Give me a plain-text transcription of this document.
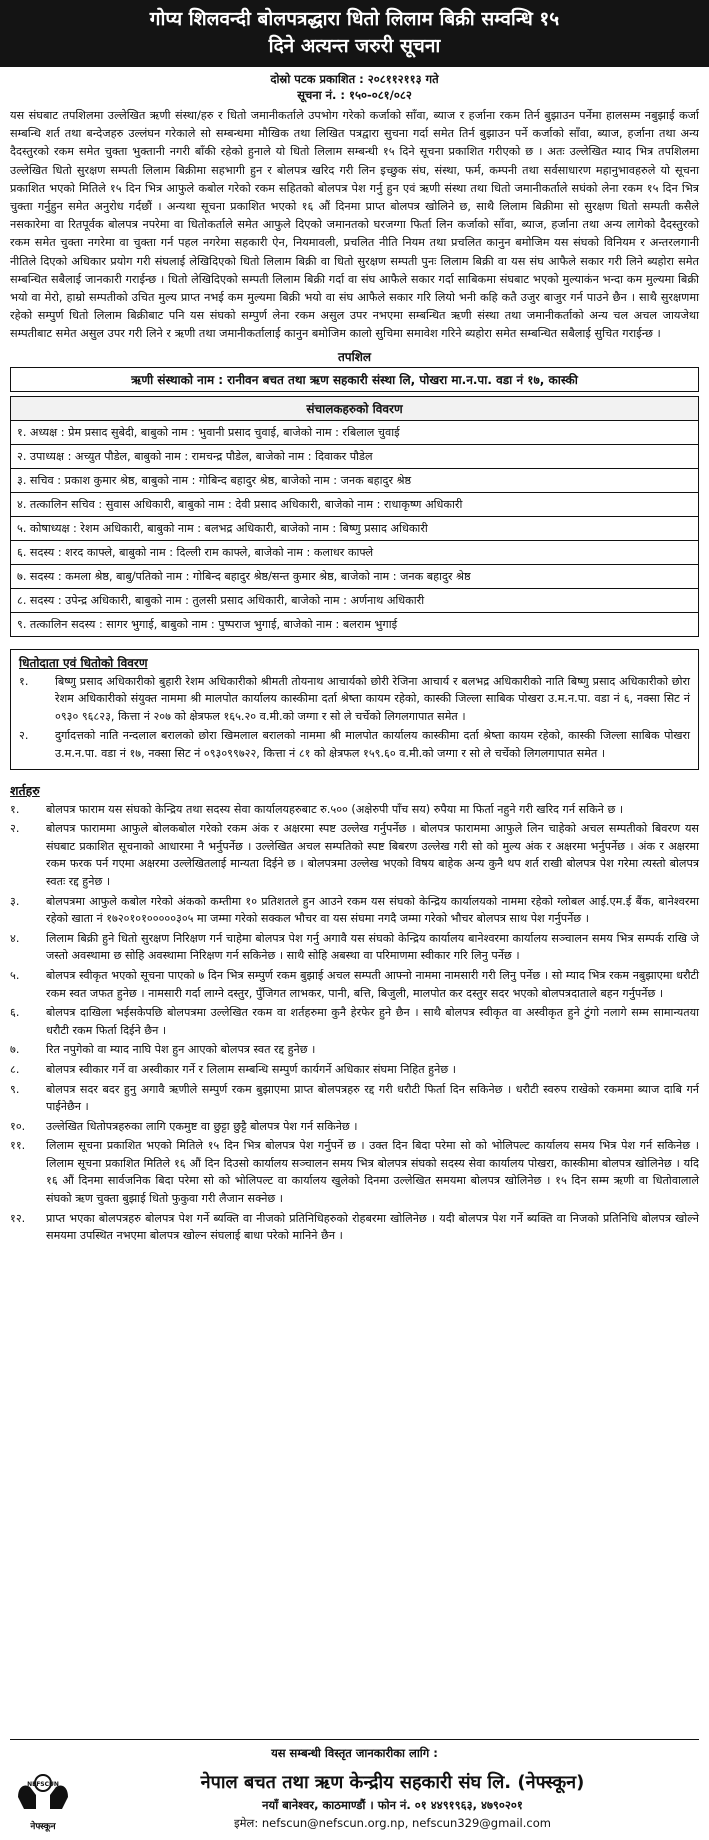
गोप्य शिलवन्दी बोलपत्रद्धारा धितो लिलाम बिक्री सम्वन्धि १५
दिने अत्यन्त जरुरी सूचना
दोस्रो पटक प्रकाशित : २०८११२११३ गते
सूचना नं. : १५०-०८१/०८२

यस संघबाट तपशिलमा उल्लेखित ऋणी संस्था/हरु र धितो जमानीकर्ताले उपभोग गरेको कर्जाको साँवा, ब्याज र हर्जाना रकम तिर्न बुझाउन पर्नेमा हालसम्म नबुझाई कर्जा सम्बन्धि शर्त तथा बन्देजहरु उल्लंघन गरेकाले सो सम्बन्धमा मौखिक तथा लिखित पत्रद्वारा सुचना गर्दा समेत तिर्न बुझाउन पर्ने कर्जाको साँवा, ब्याज, हर्जाना तथा अन्य दैदस्तुरको रकम समेत चुक्ता भुक्तानी नगरी बाँकी रहेको हुनाले यो धितो लिलाम सम्बन्धी १५ दिने सूचना प्रकाशित गरीएको छ । अतः उल्लेखित म्याद भित्र तपशिलमा उल्लेखित धितो सुरक्षण सम्पती लिलाम बिक्रीमा सहभागी हुन र बोलपत्र खरिद गरी लिन इच्छुक संघ, संस्था, फर्म, कम्पनी तथा सर्वसाधारण महानुभावहरुले यो सूचना प्रकाशित भएको मितिले १५ दिन भित्र आफुले कबोल गरेको रकम सहितको बोलपत्र पेश गर्नु हुन एवं ऋणी संस्था तथा धितो जमानीकर्ताले सघंको लेना रकम १५ दिन भित्र चुक्ता गर्नुहुन समेत अनुरोध गर्दछौं । अन्यथा सूचना प्रकाशित भएको १६ औं दिनमा प्राप्त बोलपत्र खोलिने छ, साथै लिलाम बिक्रीमा सो सुरक्षण धितो सम्पती कसैले नसकारेमा वा रितपूर्वक बोलपत्र नपरेमा वा धितोकर्ताले समेत आफुले दिएको जमानतको घरजग्गा फिर्ता लिन कर्जाको साँवा, ब्याज, हर्जाना तथा अन्य लागेको दैदस्तुरको रकम समेत चुक्ता नगरेमा वा चुक्ता गर्न पहल नगरेमा सहकारी ऐन, नियमावली, प्रचलित नीति नियम तथा प्रचलित कानुन बमोजिम यस संघको विनियम र अन्तरलगानी नीतिले दिएको अधिकार प्रयोग गरी संघलाई लेखिदिएको धितो लिलाम बिक्री वा धितो सुरक्षण सम्पती पुनः लिलाम बिक्री वा यस संघ आफैले सकार गरी लिने ब्यहोरा समेत सम्बन्धित सबैलाई जानकारी गराईन्छ । धितो लेखिदिएको सम्पती लिलाम बिक्री गर्दा वा संघ आफैले सकार गर्दा साबिकमा संघबाट भएको मुल्याकंन भन्दा कम मुल्यमा बिक्री भयो वा मेरो, हाम्रो सम्पतीको उचित मुल्य प्राप्त नभई कम मुल्यमा बिक्री भयो वा संघ आफैले सकार गरि लियो भनी कहि कतै उजुर बाजुर गर्न पाउने छैन । साथै सुरक्षणमा रहेको सम्पुर्ण धितो लिलाम बिक्रीबाट पनि यस संघको सम्पुर्ण लेना रकम असुल उपर नभएमा सम्बन्धित ऋणी संस्था तथा जमानीकर्ताको अन्य चल अचल जायजेथा सम्पतीबाट समेत असुल उपर गरी लिने र ऋणी तथा जमानीकर्तालाई कानुन बमोजिम कालो सुचिमा समावेश गरिने ब्यहोरा समेत सम्बन्धित सबैलाई सुचित गराईन्छ ।

तपशिल
ऋणी संस्थाको नाम : रानीवन बचत तथा ऋण सहकारी संस्था लि, पोखरा मा.न.पा. वडा नं १७, कास्की
संचालकहरुको विवरण
१. अध्यक्ष : प्रेम प्रसाद सुबेदी, बाबुको नाम : भुवानी प्रसाद चुवाई, बाजेको नाम : रबिलाल चुवाई
२. उपाध्यक्ष : अच्युत पौडेल, बाबुको नाम : रामचन्द्र पौडेल, बाजेको नाम : दिवाकर पौडेल
३. सचिव : प्रकाश कुमार श्रेष्ठ, बाबुको नाम : गोबिन्द बहादुर श्रेष्ठ, बाजेको नाम : जनक बहादुर श्रेष्ठ
४. तत्कालिन सचिव : सुवास अधिकारी, बाबुको नाम : देवी प्रसाद अधिकारी, बाजेको नाम : राधाकृष्ण अधिकारी
५. कोषाध्यक्ष : रेशम अधिकारी, बाबुको नाम : बलभद्र अधिकारी, बाजेको नाम : बिष्णु प्रसाद अधिकारी
६. सदस्य : शरद काफ्ले, बाबुको नाम : दिल्ली राम काफ्ले, बाजेको नाम : कलाधर काफ्ले
७. सदस्य : कमला श्रेष्ठ, बाबु/पतिको नाम : गोबिन्द बहादुर श्रेष्ठ/सन्त कुमार श्रेष्ठ, बाजेको नाम : जनक बहादुर श्रेष्ठ
८. सदस्य : उपेन्द्र अधिकारी, बाबुको नाम : तुलसी प्रसाद अधिकारी, बाजेको नाम : अर्णनाथ अधिकारी
९. तत्कालिन सदस्य : सागर भुगाई, बाबुको नाम : पुष्पराज भुगाई, बाजेको नाम : बलराम भुगाई
धितोदाता एवं धितोको विवरण
१.	बिष्णु प्रसाद अधिकारीको बुहारी रेशम अधिकारीको श्रीमती तोयनाथ आचार्यको छोरी रेजिना आचार्य र बलभद्र अधिकारीको नाति बिष्णु प्रसाद अधिकारीको छोरा रेशम अधिकारीको संयुक्त नाममा श्री मालपोत कार्यालय कास्कीमा दर्ता श्रेष्ता कायम रहेको, कास्की जिल्ला साबिक पोखरा उ.म.न.पा. वडा नं ६, नक्सा सिट नं ०९३० ९६८२३, कित्ता नं २०७ को क्षेत्रफल १६५.२० व.मी.को जग्गा र सो ले चर्चेको लिगलगापात समेत ।
२.	दुर्गादत्तको नाति नन्दलाल बरालको छोरा खिमलाल बरालको नाममा श्री मालपोत कार्यालय कास्कीमा दर्ता श्रेष्ता कायम रहेको, कास्की जिल्ला साबिक पोखरा उ.म.न.पा. वडा नं १७, नक्सा सिट नं ०९३०९९७२२, कित्ता नं ८१ को क्षेत्रफल १५९.६० व.मी.को जग्गा र सो ले चर्चेको लिगलगापात समेत ।
शर्तहरु
१.	बोलपत्र फाराम यस संघको केन्द्रिय तथा सदस्य सेवा कार्यालयहरुबाट रु.५०० (अक्षेरुपी पाँच सय) रुपैया मा फिर्ता नहुने गरी खरिद गर्न सकिने छ ।
२.	बोलपत्र फाराममा आफुले बोलकबोल गरेको रकम अंक र अक्षरमा स्पष्ट उल्लेख गर्नुपर्नेछ । बोलपत्र फाराममा आफुले लिन चाहेको अचल सम्पतीको बिवरण यस संघबाट प्रकाशित सूचनाको आधारमा नै भर्नुपर्नेछ । उल्लेखित अचल सम्पतिको स्पष्ट बिबरण उल्लेख गरी सो को मुल्य अंक र अक्षरमा भर्नुपर्नेछ । अंक र अक्षरमा रकम फरक पर्न गएमा अक्षरमा उल्लेखितलाई मान्यता दिईने छ । बोलपत्रमा उल्लेख भएको विषय बाहेक अन्य कुनै थप शर्त राखी बोलपत्र पेश गरेमा त्यस्तो बोलपत्र स्वतः रद्द हुनेछ ।
३.	बोलपत्रमा आफुले कबोल गरेको अंकको कम्तीमा १० प्रतिशतले हुन आउने रकम यस संघको केन्द्रिय कार्यालयको नाममा रहेको ग्लोबल आई.एम.ई बैंक, बानेश्वरमा रहेको खाता नं १७२०१०१०००००३०५ मा जम्मा गरेको सक्कल भौचर वा यस संघमा नगदै जम्मा गरेको भौचर बोलपत्र साथ पेश गर्नुपर्नेछ ।
४.	लिलाम बिक्री हुने धितो सुरक्षण निरिक्षण गर्न चाहेमा बोलपत्र पेश गर्नु अगावै यस संघको केन्द्रिय कार्यालय बानेश्वरमा कार्यालय सञ्चालन समय भित्र सम्पर्क राखि जे जस्तो अवस्थामा छ सोहि अवस्थामा निरिक्षण गर्न सकिनेछ । साथै सोहि अबस्था वा परिमाणमा स्वीकार गरि लिनु पर्नेछ ।
५.	बोलपत्र स्वीकृत भएको सूचना पाएको ७ दिन भित्र सम्पुर्ण रकम बुझाई अचल सम्पती आफ्नो नाममा नामसारी गरी लिनु पर्नेछ । सो म्याद भित्र रकम नबुझाएमा धरौटी रकम स्वत जफत हुनेछ । नामसारी गर्दा लाग्ने दस्तुर, पुँजिगत लाभकर, पानी, बत्ति, बिजुली, मालपोत कर दस्तुर सदर भएको बोलपत्रदाताले बहन गर्नुपर्नेछ ।
६.	बोलपत्र दाखिला भईसकेपछि बोलपत्रमा उल्लेखित रकम वा शर्तहरुमा कुनै हेरफेर हुने छैन । साथै बोलपत्र स्वीकृत वा अस्वीकृत हुने टुंगो नलागे सम्म सामान्यतया धरौटी रकम फिर्ता दिईने छैन ।
७.	रित नपुगेको वा म्याद नाघि पेश हुन आएको बोलपत्र स्वत रद्द हुनेछ ।
८.	बोलपत्र स्वीकार गर्ने वा अस्वीकार गर्ने र लिलाम सम्बन्धि सम्पुर्ण कार्यगर्ने अधिकार संघमा निहित हुनेछ ।
९.	बोलपत्र सदर बदर हुनु अगावै ऋणीले सम्पुर्ण रकम बुझाएमा प्राप्त बोलपत्रहरु रद्द गरी धरौटी फिर्ता दिन सकिनेछ । धरौटी स्वरुप राखेको रकममा ब्याज दाबि गर्न पाईनेछैन ।
१०.	उल्लेखित धितोपत्रहरुका लागि एकमुष्ट वा छुट्टा छुट्टै बोलपत्र पेश गर्न सकिनेछ ।
११.	लिलाम सूचना प्रकाशित भएको मितिले १५ दिन भित्र बोलपत्र पेश गर्नुपर्ने छ । उक्त दिन बिदा परेमा सो को भोलिपल्ट कार्यालय समय भित्र पेश गर्न सकिनेछ । लिलाम सूचना प्रकाशित मितिले १६ औं दिन दिउसो कार्यालय सञ्चालन समय भित्र बोलपत्र संघको सदस्य सेवा कार्यालय पोखरा, कास्कीमा बोलपत्र खोलिनेछ । यदि १६ औं दिनमा सार्वजनिक बिदा परेमा सो को भोलिपल्ट वा कार्यालय खुलेको दिनमा उल्लेखित समयमा बोलपत्र खोलिनेछ । १५ दिन सम्म ऋणी वा धितोवालाले संघको ऋण चुक्ता बुझाई धितो फुकुवा गरी लैजान सक्नेछ ।
१२.	प्राप्त भएका बोलपत्रहरु बोलपत्र पेश गर्ने ब्यक्ति वा नीजको प्रतिनिधिहरुको रोहबरमा खोलिनेछ । यदी बोलपत्र पेश गर्ने ब्यक्ति वा निजको प्रतिनिधि बोलपत्र खोल्ने समयमा उपस्थित नभएमा बोलपत्र खोल्न संघलाई बाधा परेको मानिने छैन ।
यस सम्बन्धी विस्तृत जानकारीका लागि :
NEFSCUN
नेफ्स्कून
नेपाल बचत तथा ऋण केन्द्रीय सहकारी संघ लि. (नेफ्स्कून)
नयाँ बानेश्वर, काठमाण्डौं । फोन नं. ०१ ४४९१९६३, ४७९०२०१
इमेल: nefscun@nefscun.org.np, nefscun329@gmail.com
